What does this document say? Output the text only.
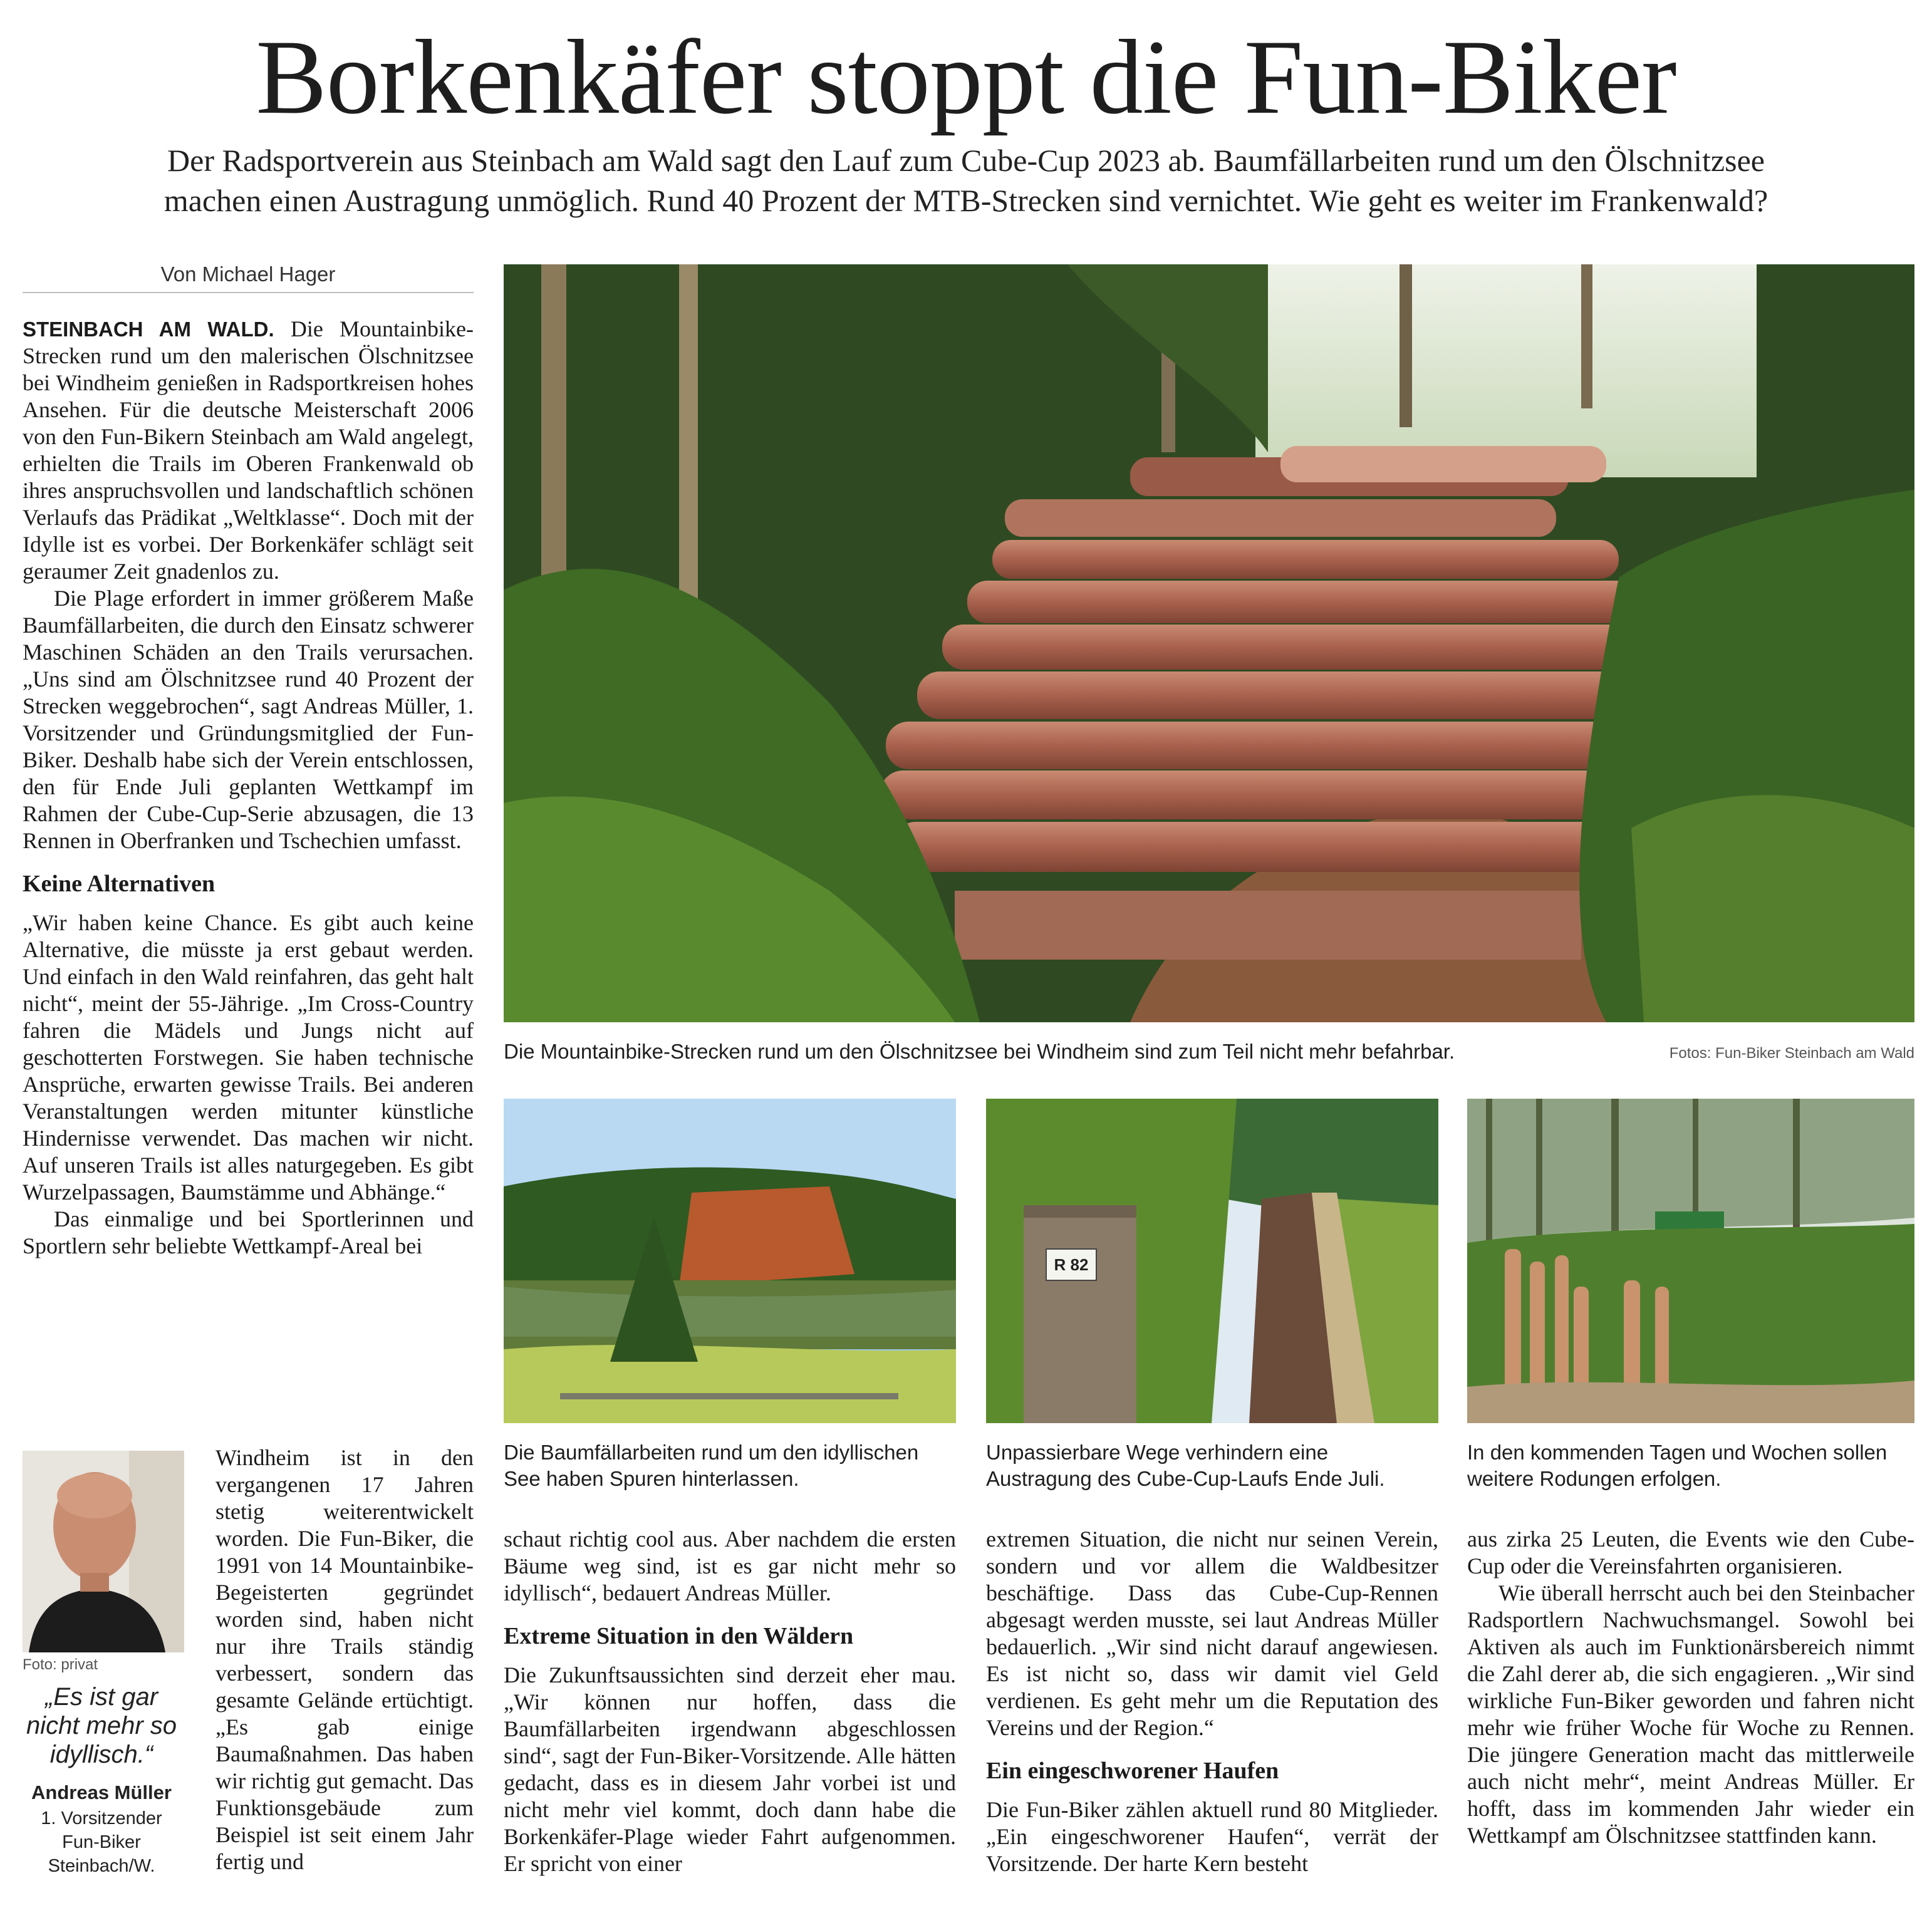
Borkenkäfer stoppt die Fun-Biker
Der Radsportverein aus Steinbach am Wald sagt den Lauf zum Cube-Cup 2023 ab. Baumfällarbeiten rund um den Ölschnitzsee
machen einen Austragung unmöglich. Rund 40 Prozent der MTB-Strecken sind vernichtet. Wie geht es weiter im Frankenwald?
Von Michael Hager

STEINBACH AM WALD. Die Mountainbike-Strecken rund um den malerischen Ölschnitzsee bei Windheim genießen in Radsportkreisen hohes Ansehen. Für die deutsche Meisterschaft 2006 von den Fun-Bikern Steinbach am Wald angelegt, erhielten die Trails im Oberen Frankenwald ob ihres anspruchsvollen und landschaftlich schönen Verlaufs das Prädikat „Weltklasse“. Doch mit der Idylle ist es vorbei. Der Borkenkäfer schlägt seit geraumer Zeit gnadenlos zu.

Die Plage erfordert in immer größerem Maße Baumfällarbeiten, die durch den Einsatz schwerer Maschinen Schäden an den Trails verursachen. „Uns sind am Ölschnitzsee rund 40 Prozent der Strecken weggebrochen“, sagt Andreas Müller, 1. Vorsitzender und Gründungsmitglied der Fun-Biker. Deshalb habe sich der Verein entschlossen, den für Ende Juli geplanten Wettkampf im Rahmen der Cube-Cup-Serie abzusagen, die 13 Rennen in Oberfranken und Tschechien umfasst.

Keine Alternativen

„Wir haben keine Chance. Es gibt auch keine Alternative, die müsste ja erst gebaut werden. Und einfach in den Wald reinfahren, das geht halt nicht“, meint der 55-Jährige. „Im Cross-Country fahren die Mädels und Jungs nicht auf geschotterten Forstwegen. Sie haben technische Ansprüche, erwarten gewisse Trails. Bei anderen Veranstaltungen werden mitunter künstliche Hindernisse verwendet. Das machen wir nicht. Auf unseren Trails ist alles naturgegeben. Es gibt Wurzelpassagen, Baumstämme und Abhänge.“

Das einmalige und bei Sportlerinnen und Sportlern sehr beliebte Wettkampf-Areal bei

Foto: privat
„Es ist gar nicht mehr so idyllisch.“
Andreas Müller
1. Vorsitzender
Fun-Biker
Steinbach/W.

Windheim ist in den vergangenen 17 Jahren stetig weiterentwickelt worden. Die Fun-Biker, die 1991 von 14 Mountainbike-Begeisterten gegründet worden sind, haben nicht nur ihre Trails ständig verbessert, sondern das gesamte Gelände ertüchtigt. „Es gab einige Baumaßnahmen. Das haben wir richtig gut gemacht. Das Funktionsgebäude zum Beispiel ist seit einem Jahr fertig und

Die Mountainbike-Strecken rund um den Ölschnitzsee bei Windheim sind zum Teil nicht mehr befahrbar.	Fotos: Fun-Biker Steinbach am Wald
Die Baumfällarbeiten rund um den idyllischen See haben Spuren hinterlassen.
R 82
Unpassierbare Wege verhindern eine Austragung des Cube-Cup-Laufs Ende Juli.
In den kommenden Tagen und Wochen sollen weitere Rodungen erfolgen.

schaut richtig cool aus. Aber nachdem die ersten Bäume weg sind, ist es gar nicht mehr so idyllisch“, bedauert Andreas Müller.

Extreme Situation in den Wäldern

Die Zukunftsaussichten sind derzeit eher mau. „Wir können nur hoffen, dass die Baumfällarbeiten irgendwann abgeschlossen sind“, sagt der Fun-Biker-Vorsitzende. Alle hätten gedacht, dass es in diesem Jahr vorbei ist und nicht mehr viel kommt, doch dann habe die Borkenkäfer-Plage wieder Fahrt aufgenommen. Er spricht von einer

extremen Situation, die nicht nur seinen Verein, sondern und vor allem die Waldbesitzer beschäftige. Dass das Cube-Cup-Rennen abgesagt werden musste, sei laut Andreas Müller bedauerlich. „Wir sind nicht darauf angewiesen. Es ist nicht so, dass wir damit viel Geld verdienen. Es geht mehr um die Reputation des Vereins und der Region.“

Ein eingeschworener Haufen

Die Fun-Biker zählen aktuell rund 80 Mitglieder. „Ein eingeschworener Haufen“, verrät der Vorsitzende. Der harte Kern besteht

aus zirka 25 Leuten, die Events wie den Cube-Cup oder die Vereinsfahrten organisieren.

Wie überall herrscht auch bei den Steinbacher Radsportlern Nachwuchsmangel. Sowohl bei Aktiven als auch im Funktionärsbereich nimmt die Zahl derer ab, die sich engagieren. „Wir sind wirkliche Fun-Biker geworden und fahren nicht mehr wie früher Woche für Woche zu Rennen. Die jüngere Generation macht das mittlerweile auch nicht mehr“, meint Andreas Müller. Er hofft, dass im kommenden Jahr wieder ein Wettkampf am Ölschnitzsee stattfinden kann.
